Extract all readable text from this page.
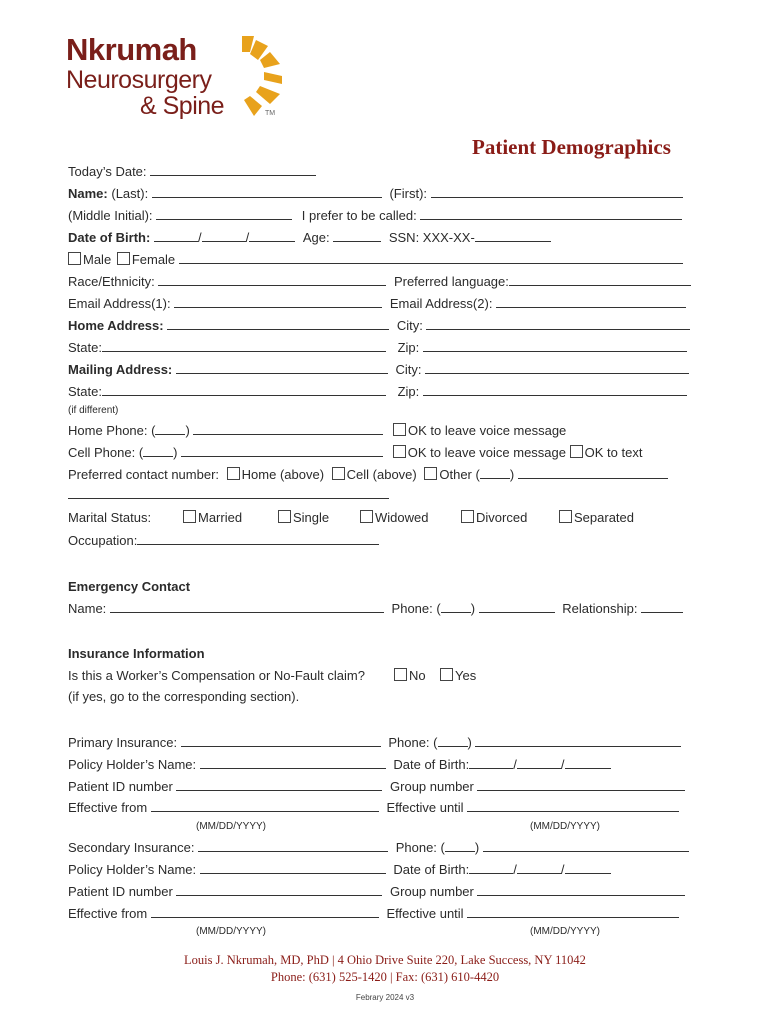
Nkrumah
Neurosurgery
& Spine	TM
Patient Demographics
Today’s Date:
Name: (Last):	(First):
(Middle Initial):	I prefer to be called:
Date of Birth:	/	/	Age:	SSN: XXX-XX-
Male Female
Race/Ethnicity:	Preferred language:
Email Address(1):	Email Address(2):
Home Address:	City:
State:	Zip:
Mailing Address:	City:
State:	Zip:
(if different)
Home Phone: ( )	OK to leave voice message
Cell Phone: ( )	OK to leave voice message OK to text
Preferred contact number: Home (above) Cell (above) Other ( )
Marital Status:	Married	Single	Widowed	Divorced	Separated
Occupation:
Emergency Contact
Name:	Phone: ( )	Relationship:
Insurance Information
Is this a Worker’s Compensation or No-Fault claim?	No	Yes
(if yes, go to the corresponding section).
Primary Insurance:	Phone: ( )
Policy Holder’s Name:	Date of Birth:	/	/
Patient ID number	Group number
Effective from	Effective until
(MM/DD/YYYY)	(MM/DD/YYYY)
Secondary Insurance:	Phone: ( )
Policy Holder’s Name:	Date of Birth:	/	/
Patient ID number	Group number
Effective from	Effective until
(MM/DD/YYYY)	(MM/DD/YYYY)
Louis J. Nkrumah, MD, PhD | 4 Ohio Drive Suite 220, Lake Success, NY 11042
Phone: (631) 525-1420 | Fax: (631) 610-4420
Febrary 2024 v3
